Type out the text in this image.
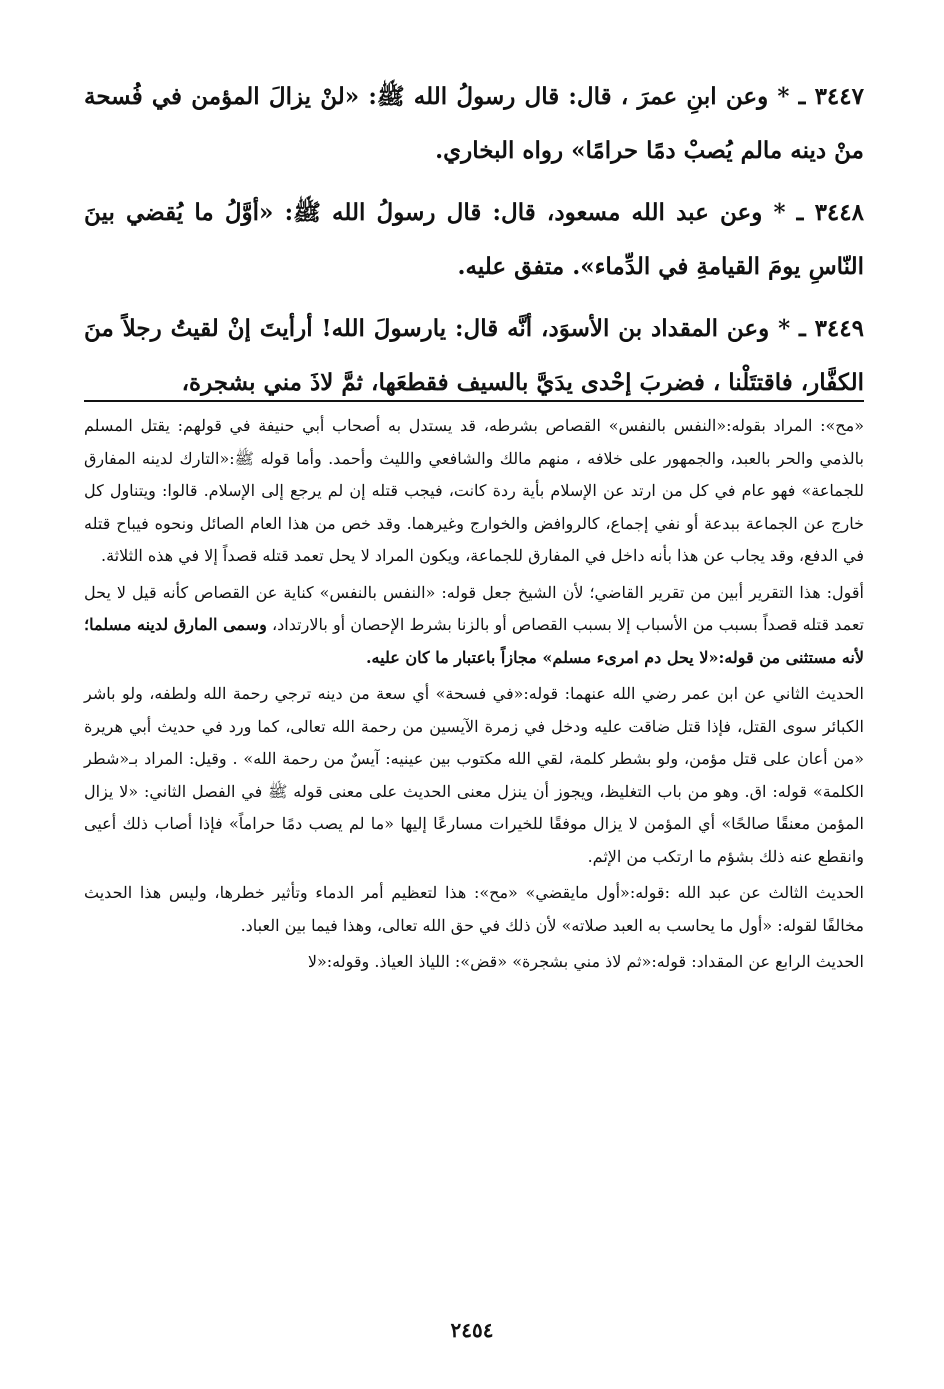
٣٤٤٧ ـ * وعن ابنِ عمرَ ، قال: قال رسولُ الله ﷺ: «لنْ يزالَ المؤمن في فُسحة منْ دينه مالم يُصبْ دمًا حرامًا» رواه البخاري.

٣٤٤٨ ـ * وعن عبد الله مسعود، قال: قال رسولُ الله ﷺ: «أوَّلُ ما يُقضي بينَ النّاسِ يومَ القيامةِ في الدِّماء». متفق عليه.

٣٤٤٩ ـ * وعن المقداد بن الأسوَد، أنَّه قال: يارسولَ الله! أرأيتَ إنْ لقيتُ رجلاً منَ الكفَّار، فاقتتَلْنا ، فضربَ إحْدى يدَيَّ بالسيف فقطعَها، ثمَّ لاذَ مني بشجرة،

«مح»: المراد بقوله:«النفس بالنفس» القصاص بشرطه، قد يستدل به أصحاب أبي حنيفة في قولهم: يقتل المسلم بالذمي والحر بالعبد، والجمهور على خلافه ، منهم مالك والشافعي والليث وأحمد. وأما قوله ﷺ:«التارك لدينه المفارق للجماعة» فهو عام في كل من ارتد عن الإسلام بأية ردة كانت، فيجب قتله إن لم يرجع إلى الإسلام. قالوا: ويتناول كل خارج عن الجماعة ببدعة أو نفي إجماع، كالروافض والخوارج وغيرهما. وقد خص من هذا العام الصائل ونحوه فيباح قتله في الدفع، وقد يجاب عن هذا بأنه داخل في المفارق للجماعة، ويكون المراد لا يحل تعمد قتله قصداً إلا في هذه الثلاثة.

أقول: هذا التقرير أبين من تقرير القاضي؛ لأن الشيخ جعل قوله: «النفس بالنفس» كناية عن القصاص كأنه قيل لا يحل تعمد قتله قصداً بسبب من الأسباب إلا بسبب القصاص أو بالزنا بشرط الإحصان أو بالارتداد، وسمى المارق لدينه مسلما؛ لأنه مستثنى من قوله:«لا يحل دم امرىء مسلم» مجازاً باعتبار ما كان عليه.

الحديث الثاني عن ابن عمر رضي الله عنهما: قوله:«في فسحة» أي سعة من دينه ترجي رحمة الله ولطفه، ولو باشر الكبائر سوى القتل، فإذا قتل ضاقت عليه ودخل في زمرة الآيسين من رحمة الله تعالى، كما ورد في حديث أبي هريرة «من أعان على قتل مؤمن، ولو بشطر كلمة، لقي الله مكتوب بين عينيه: آيسٌ من رحمة الله» . وقيل: المراد بـ«شطر الكلمة» قوله: اق. وهو من باب التغليظ، ويجوز أن ينزل معنى الحديث على معنى قوله ﷺ في الفصل الثاني: «لا يزال المؤمن معنقًا صالحًا» أي المؤمن لا يزال موفقًا للخيرات مسارعًا إليها «ما لم يصب دمًا حراماً» فإذا أصاب ذلك أعيى وانقطع عنه ذلك بشؤم ما ارتكب من الإثم.

الحديث الثالث عن عبد الله :قوله:«أول مايقضي» «مح»: هذا لتعظيم أمر الدماء وتأثير خطرها، وليس هذا الحديث مخالفًا لقوله: «أول ما يحاسب به العبد صلاته» لأن ذلك في حق الله تعالى، وهذا فيما بين العباد.

الحديث الرابع عن المقداد: قوله:«ثم لاذ مني بشجرة» «قض»: اللياذ العياذ. وقوله:«لا

٢٤٥٤
